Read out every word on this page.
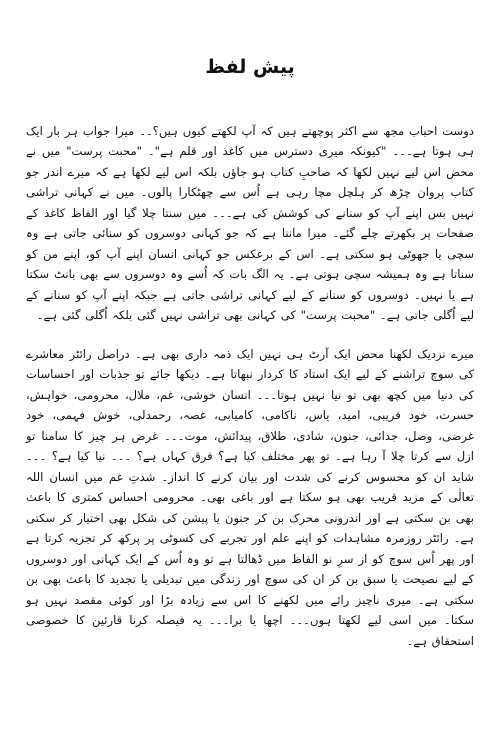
پیش لفظ

دوست احباب مجھ سے اکثر پوچھتے ہیں کہ آپ لکھتے کیوں ہیں؟۔۔ میرا جواب ہر بار ایک ہی ہوتا ہے۔۔۔ "کیونکہ میری دسترس میں کاغذ اور قلم ہے"۔ "محبت پرست" میں نے محض اس لیے نہیں لکھا کہ صاحبِ کتاب ہو جاؤں بلکہ اس لیے لکھا ہے کہ میرے اندر جو کتاب پروان چڑھ کر ہلچل مچا رہی ہے اُس سے چھٹکارا پالوں۔ میں نے کہانی تراشی نہیں بس اپنے آپ کو سنانے کی کوشش کی ہے۔۔۔ میں سنتا چلا گیا اور الفاظ کاغذ کے صفحات پر بکھرتے چلے گئے۔ میرا ماننا ہے کہ جو کہانی دوسروں کو سنائی جاتی ہے وہ سچی یا جھوٹی ہو سکتی ہے۔ اس کے برعکس جو کہانی انسان اپنے آپ کو، اپنے من کو سناتا ہے وہ ہمیشہ سچی ہوتی ہے۔ یہ الگ بات کہ اُسے وہ دوسروں سے بھی بانٹ سکتا ہے یا نہیں۔ دوسروں کو سنانے کے لیے کہانی تراشی جاتی ہے جبکہ اپنے آپ کو سنانے کے لیے اُگلی جاتی ہے۔ "محبت پرست" کی کہانی بھی تراشی نہیں گئی بلکہ اُگلی گئی ہے۔

میرے نزدیک لکھنا محض ایک آرٹ ہی نہیں ایک ذمہ داری بھی ہے۔ دراصل رائٹر معاشرے کی سوچ تراشنے کے لیے ایک استاد کا کردار نبھاتا ہے۔ دیکھا جائے تو جذبات اور احساسات کی دنیا میں کچھ بھی تو نیا نہیں ہوتا۔۔۔ انسان خوشی، غم، ملال، محرومی، خواہش، حسرت، خود فریبی، امید، یاس، ناکامی، کامیابی، غصہ، رحمدلی، خوش فہمی، خود غرضی، وصل، جدائی، جنون، شادی، طلاق، پیدائش، موت۔۔۔ غرض ہر چیز کا سامنا تو ازل سے کرتا چلا آ رہا ہے۔ تو پھر مختلف کیا ہے؟ فرق کہاں ہے؟ ۔۔۔ نیا کیا ہے؟ ۔۔۔ شاید ان کو محسوس کرنے کی شدت اور بیان کرنے کا انداز۔ شدتِ غم میں انسان اللہ تعالٰی کے مزید قریب بھی ہو سکتا ہے اور باغی بھی۔ محرومی احساس کمتری کا باعث بھی بن سکتی ہے اور اندرونی محرک بن کر جنون یا پیشن کی شکل بھی اختیار کر سکتی ہے۔ رائٹر روزمرہ مشاہدات کو اپنے علم اور تجربے کی کسوٹی پر پرکھ کر تجزیہ کرتا ہے اور پھر اُس سوچ کو از سرِ نو الفاظ میں ڈھالتا ہے تو وہ اُس کے ایک کہانی اور دوسروں کے لیے نصیحت یا سبق بن کر ان کی سوچ اور زندگی میں تبدیلی یا تجدید کا باعث بھی بن سکتی ہے۔ میری ناچیز رائے میں لکھنے کا اس سے زیادہ بڑا اور کوئی مقصد نہیں ہو سکتا۔ میں اسی لیے لکھتا ہوں۔۔۔ اچھا یا برا۔۔۔ یہ فیصلہ کرنا قارئین کا خصوصی استحقاق ہے۔
